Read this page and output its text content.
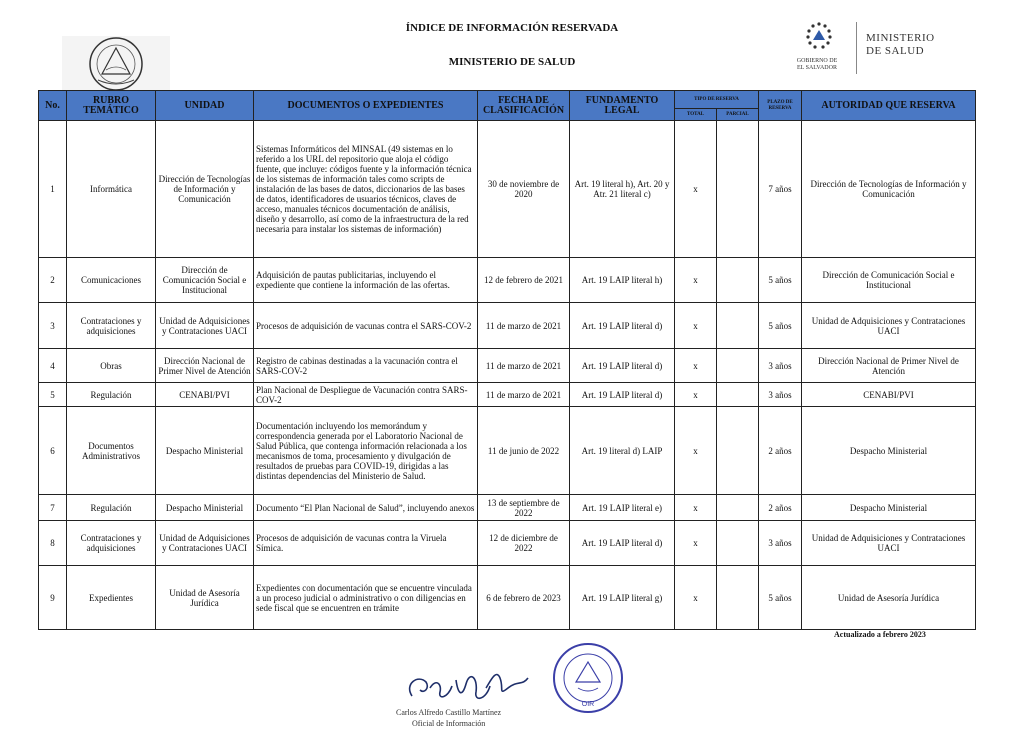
ÍNDICE DE INFORMACIÓN RESERVADA
MINISTERIO DE SALUD	GOBIERNO DE
EL SALVADOR
MINISTERIO
DE SALUD
No.	RUBRO TEMÁTICO	UNIDAD	DOCUMENTOS O EXPEDIENTES	FECHA DE CLASIFICACIÓN	FUNDAMENTO LEGAL	TIPO DE RESERVA		PLAZO DE RESERVA	AUTORIDAD QUE RESERVA
						TOTAL	PARCIAL		
1	Informática	Dirección de Tecnologías de Información y Comunicación	Sistemas Informáticos del MINSAL (49 sistemas en lo referido a los URL del repositorio que aloja el código fuente, que incluye: códigos fuente y la información técnica de los sistemas de información tales como scripts de instalación de las bases de datos, diccionarios de las bases de datos, identificadores de usuarios técnicos, claves de acceso, manuales técnicos documentación de análisis, diseño y desarrollo, así como de la infraestructura de la red necesaria para instalar los sistemas de información)	30 de noviembre de 2020	Art. 19 literal h), Art. 20 y Atr. 21 literal c)	x		7 años	Dirección de Tecnologías de Información y Comunicación
2	Comunicaciones	Dirección de Comunicación Social e Institucional	Adquisición de pautas publicitarias, incluyendo el expediente que contiene la información de las ofertas.	12 de febrero de 2021	Art. 19 LAIP literal h)	x		5 años	Dirección de Comunicación Social e Institucional
3	Contrataciones y adquisiciones	Unidad de Adquisiciones y Contrataciones UACI	Procesos de adquisición de vacunas contra el SARS-COV-2	11 de marzo de 2021	Art. 19 LAIP literal d)	x		5 años	Unidad de Adquisiciones y Contrataciones UACI
4	Obras	Dirección Nacional de Primer Nivel de Atención	Registro de cabinas destinadas a la vacunación contra el SARS-COV-2	11 de marzo de 2021	Art. 19 LAIP literal d)	x		3 años	Dirección Nacional de Primer Nivel de Atención
5	Regulación	CENABI/PVI	Plan Nacional de Despliegue de Vacunación contra SARS-COV-2	11 de marzo de 2021	Art. 19 LAIP literal d)	x		3 años	CENABI/PVI
6	Documentos Administrativos	Despacho Ministerial	Documentación incluyendo los memorándum y correspondencia generada por el Laboratorio Nacional de Salud Pública, que contenga información relacionada a los mecanismos de toma, procesamiento y divulgación de resultados de pruebas para COVID-19, dirigidas a las distintas dependencias del Ministerio de Salud.	11 de junio de 2022	Art. 19 literal d) LAIP	x		2 años	Despacho Ministerial
7	Regulación	Despacho Ministerial	Documento “El Plan Nacional de Salud”, incluyendo anexos	13 de septiembre de 2022	Art. 19 LAIP literal e)	x		2 años	Despacho Ministerial
8	Contrataciones y adquisiciones	Unidad de Adquisiciones y Contrataciones UACI	Procesos de adquisición de vacunas contra la Viruela Símica.	12 de diciembre de 2022	Art. 19 LAIP literal d)	x		3 años	Unidad de Adquisiciones y Contrataciones UACI
9	Expedientes	Unidad de Asesoría Jurídica	Expedientes con documentación que se encuentre vinculada a un proceso judicial o administrativo o con diligencias en sede fiscal que se encuentren en trámite	6 de febrero de 2023	Art. 19 LAIP literal g)	x		5 años	Unidad de Asesoría Jurídica
Actualizado a febrero 2023
Carlos Alfredo Castillo Martínez
Oficial de Información
OIR
